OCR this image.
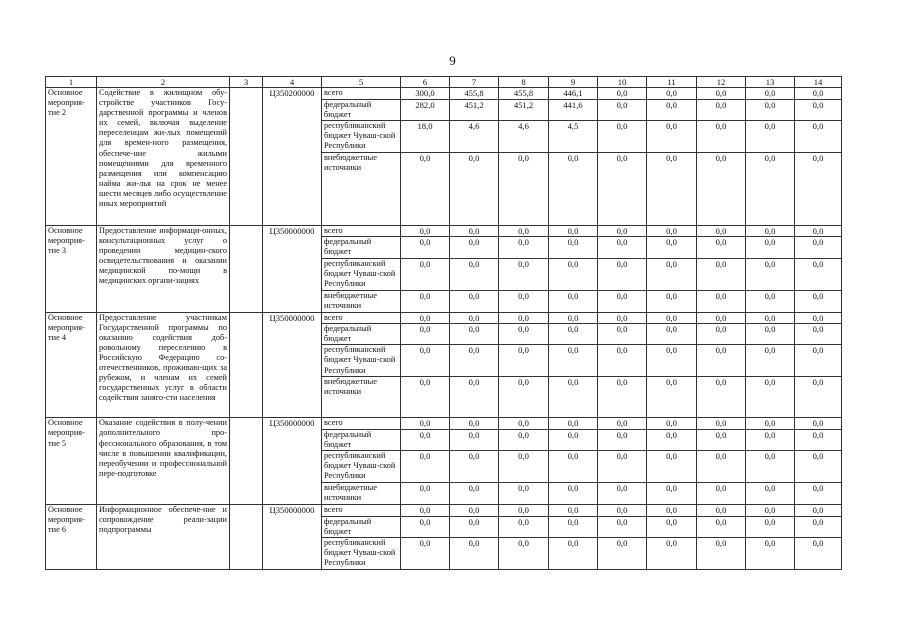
9
1	2	3	4	5	6	7	8	9	10	11	12	13	14
Основное мероприя-тие 2	Содействие в жилищном обу-стройстве участников Госу-дарственной программы и членов их семей, включая выделение переселенцам жи-лых помещений для времен-ного размещения, обеспече-ние жилыми помещениями для временного размещения или компенсацию найма жи-лья на срок не менее шести месяцев либо осуществление иных мероприятий		Ц350200000	всего	300,0	455,8	455,8	446,1	0,0	0,0	0,0	0,0	0,0
				федеральный бюджет	282,0	451,2	451,2	441,6	0,0	0,0	0,0	0,0	0,0
				республиканский бюджет Чуваш-ской Республики	18,0	4,6	4,6	4,5	0,0	0,0	0,0	0,0	0,0
				внебюджетные источники	0,0	0,0	0,0	0,0	0,0	0,0	0,0	0,0	0,0
Основное мероприя-тие 3	Предоставление информаци-онных, консультационных услуг о проведении медицин-ского освидетельствования и оказании медицинской по-мощи в медицинских органи-зациях		Ц350000000	всего	0,0	0,0	0,0	0,0	0,0	0,0	0,0	0,0	0,0
				федеральный бюджет	0,0	0,0	0,0	0,0	0,0	0,0	0,0	0,0	0,0
				республиканский бюджет Чуваш-ской Республики	0,0	0,0	0,0	0,0	0,0	0,0	0,0	0,0	0,0
				внебюджетные источники	0,0	0,0	0,0	0,0	0,0	0,0	0,0	0,0	0,0
Основное мероприя-тие 4	Предоставление участникам Государственной программы по оказанию содействия доб-ровольному переселению в Российскую Федерацию со-отечественников, проживаю-щих за рубежом, и членам их семей государственных услуг в области содействия заняго-сти населения		Ц350000000	всего	0,0	0,0	0,0	0,0	0,0	0,0	0,0	0,0	0,0
				федеральный бюджет	0,0	0,0	0,0	0,0	0,0	0,0	0,0	0,0	0,0
				республиканский бюджет Чуваш-ской Республики	0,0	0,0	0,0	0,0	0,0	0,0	0,0	0,0	0,0
				внебюджетные источники	0,0	0,0	0,0	0,0	0,0	0,0	0,0	0,0	0,0
Основное мероприя-тие 5	Оказание содействия в полу-чении дополнительного про-фессионального образования, в том числе в повышении квалификации, переобучении и профессиональной пере-подготовке		Ц350000000	всего	0,0	0,0	0,0	0,0	0,0	0,0	0,0	0,0	0,0
				федеральный бюджет	0,0	0,0	0,0	0,0	0,0	0,0	0,0	0,0	0,0
				республиканский бюджет Чуваш-ской Республики	0,0	0,0	0,0	0,0	0,0	0,0	0,0	0,0	0,0
				внебюджетные источники	0,0	0,0	0,0	0,0	0,0	0,0	0,0	0,0	0,0
Основное мероприя-тие 6	Информационное обеспече-ние и сопровождение реали-зации подпрограммы		Ц350000000	всего	0,0	0,0	0,0	0,0	0,0	0,0	0,0	0,0	0,0
				федеральный бюджет	0,0	0,0	0,0	0,0	0,0	0,0	0,0	0,0	0,0
				республиканский бюджет Чуваш-ской Республики	0,0	0,0	0,0	0,0	0,0	0,0	0,0	0,0	0,0
